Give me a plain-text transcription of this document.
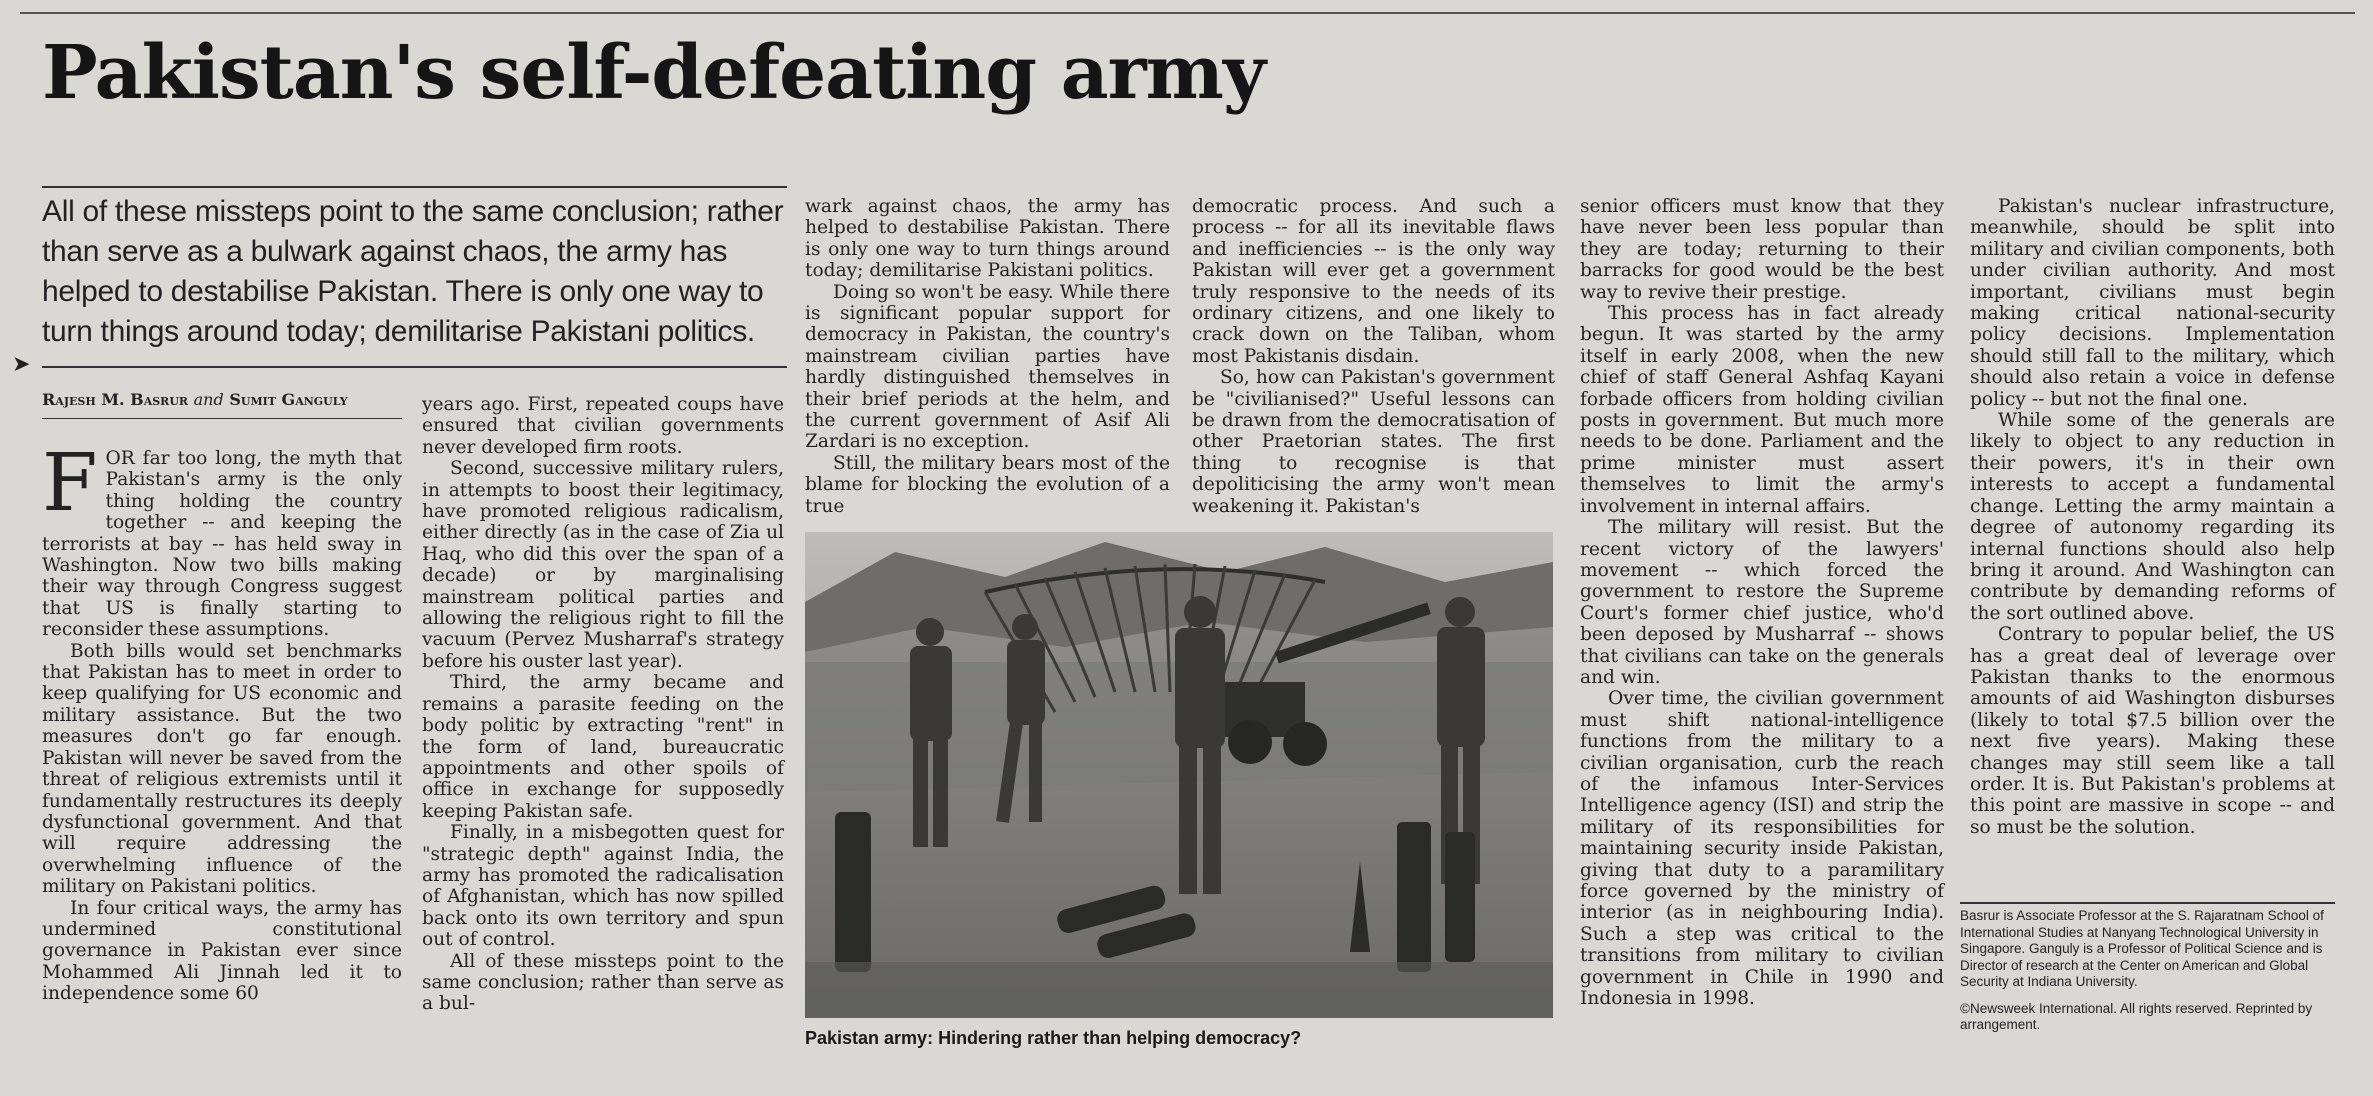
Pakistan's self-defeating army

All of these missteps point to the same conclusion; rather than serve as a bulwark against chaos, the army has helped to destabilise Pakistan. There is only one way to turn things around today; demilitarise Pakistani politics.

➤
Rajesh M. Basrur and Sumit Ganguly

FOR far too long, the myth that Pakistan's army is the only thing holding the country together -- and keeping the terrorists at bay -- has held sway in Washington. Now two bills making their way through Congress suggest that US is finally starting to reconsider these assumptions.

Both bills would set benchmarks that Pakistan has to meet in order to keep qualifying for US economic and military assistance. But the two measures don't go far enough. Pakistan will never be saved from the threat of religious extremists until it fundamentally restructures its deeply dysfunctional government. And that will require addressing the overwhelming influence of the military on Pakistani politics.

In four critical ways, the army has undermined constitutional governance in Pakistan ever since Mohammed Ali Jinnah led it to independence some 60

years ago. First, repeated coups have ensured that civilian governments never developed firm roots.

Second, successive military rulers, in attempts to boost their legitimacy, have promoted religious radicalism, either directly (as in the case of Zia ul Haq, who did this over the span of a decade) or by marginalising mainstream political parties and allowing the religious right to fill the vacuum (Pervez Musharraf's strategy before his ouster last year).

Third, the army became and remains a parasite feeding on the body politic by extracting "rent" in the form of land, bureaucratic appointments and other spoils of office in exchange for supposedly keeping Pakistan safe.

Finally, in a misbegotten quest for "strategic depth" against India, the army has promoted the radicalisation of Afghanistan, which has now spilled back onto its own territory and spun out of control.

All of these missteps point to the same conclusion; rather than serve as a bul-

wark against chaos, the army has helped to destabilise Pakistan. There is only one way to turn things around today; demilitarise Pakistani politics.

Doing so won't be easy. While there is significant popular support for democracy in Pakistan, the country's mainstream civilian parties have hardly distinguished themselves in their brief periods at the helm, and the current government of Asif Ali Zardari is no exception.

Still, the military bears most of the blame for blocking the evolution of a true

democratic process. And such a process -- for all its inevitable flaws and inefficiencies -- is the only way Pakistan will ever get a government truly responsive to the needs of its ordinary citizens, and one likely to crack down on the Taliban, whom most Pakistanis disdain.

So, how can Pakistan's government be "civilianised?" Useful lessons can be drawn from the democratisation of other Praetorian states. The first thing to recognise is that depoliticising the army won't mean weakening it. Pakistan's

senior officers must know that they have never been less popular than they are today; returning to their barracks for good would be the best way to revive their prestige.

This process has in fact already begun. It was started by the army itself in early 2008, when the new chief of staff General Ashfaq Kayani forbade officers from holding civilian posts in government. But much more needs to be done. Parliament and the prime minister must assert themselves to limit the army's involvement in internal affairs.

The military will resist. But the recent victory of the lawyers' movement -- which forced the government to restore the Supreme Court's former chief justice, who'd been deposed by Musharraf -- shows that civilians can take on the generals and win.

Over time, the civilian government must shift national-intelligence functions from the military to a civilian organisation, curb the reach of the infamous Inter-Services Intelligence agency (ISI) and strip the military of its responsibilities for maintaining security inside Pakistan, giving that duty to a paramilitary force governed by the ministry of interior (as in neighbouring India). Such a step was critical to the transitions from military to civilian government in Chile in 1990 and Indonesia in 1998.

Pakistan's nuclear infrastructure, meanwhile, should be split into military and civilian components, both under civilian authority. And most important, civilians must begin making critical national-security policy decisions. Implementation should still fall to the military, which should also retain a voice in defense policy -- but not the final one.

While some of the generals are likely to object to any reduction in their powers, it's in their own interests to accept a fundamental change. Letting the army maintain a degree of autonomy regarding its internal functions should also help bring it around. And Washington can contribute by demanding reforms of the sort outlined above.

Contrary to popular belief, the US has a great deal of leverage over Pakistan thanks to the enormous amounts of aid Washington disburses (likely to total $7.5 billion over the next five years). Making these changes may still seem like a tall order. It is. But Pakistan's problems at this point are massive in scope -- and so must be the solution.

Pakistan army: Hindering rather than helping democracy?

Basrur is Associate Professor at the S. Rajaratnam School of International Studies at Nanyang Technological University in Singapore. Ganguly is a Professor of Political Science and is Director of research at the Center on American and Global Security at Indiana University.

©Newsweek International. All rights reserved. Reprinted by arrangement.
